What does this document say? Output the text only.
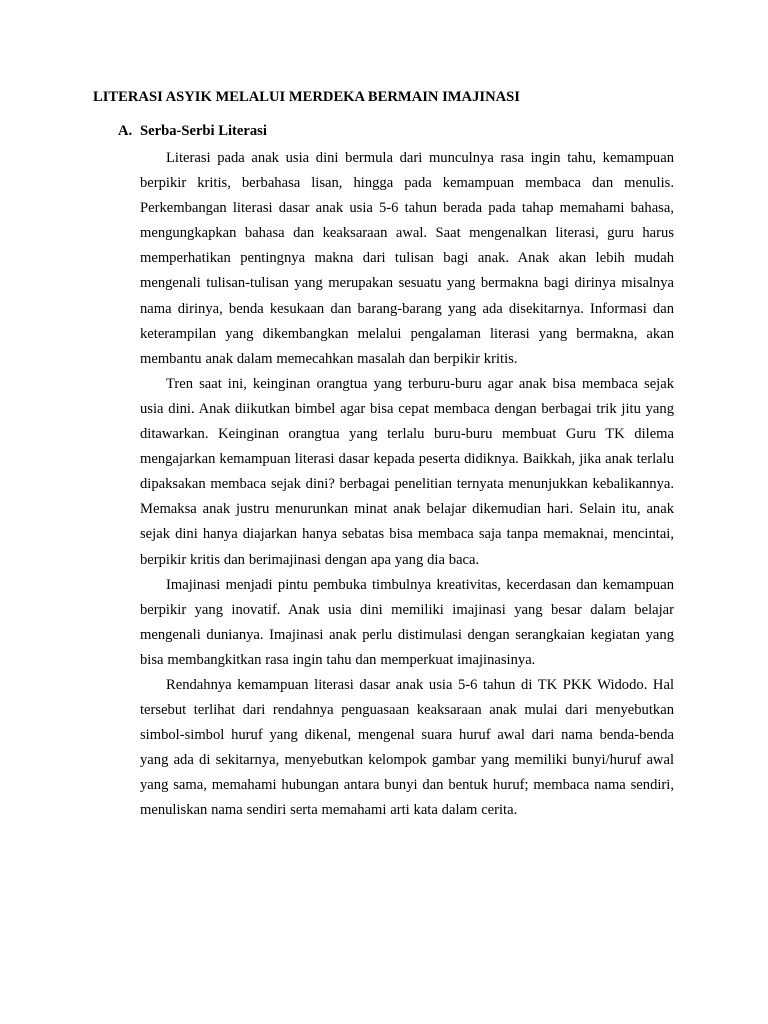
LITERASI ASYIK MELALUI MERDEKA BERMAIN IMAJINASI
A. Serba-Serbi Literasi

Literasi pada anak usia dini bermula dari munculnya rasa ingin tahu, kemampuan berpikir kritis, berbahasa lisan, hingga pada kemampuan membaca dan menulis. Perkembangan literasi dasar anak usia 5-6 tahun berada pada tahap memahami bahasa, mengungkapkan bahasa dan keaksaraan awal. Saat mengenalkan literasi, guru harus memperhatikan pentingnya makna dari tulisan bagi anak. Anak akan lebih mudah mengenali tulisan-tulisan yang merupakan sesuatu yang bermakna bagi dirinya misalnya nama dirinya, benda kesukaan dan barang-barang yang ada disekitarnya. Informasi dan keterampilan yang dikembangkan melalui pengalaman literasi yang bermakna, akan membantu anak dalam memecahkan masalah dan berpikir kritis.

Tren saat ini, keinginan orangtua yang terburu-buru agar anak bisa membaca sejak usia dini. Anak diikutkan bimbel agar bisa cepat membaca dengan berbagai trik jitu yang ditawarkan. Keinginan orangtua yang terlalu buru-buru membuat Guru TK dilema mengajarkan kemampuan literasi dasar kepada peserta didiknya. Baikkah, jika anak terlalu dipaksakan membaca sejak dini? berbagai penelitian ternyata menunjukkan kebalikannya. Memaksa anak justru menurunkan minat anak belajar dikemudian hari. Selain itu, anak sejak dini hanya diajarkan hanya sebatas bisa membaca saja tanpa memaknai, mencintai, berpikir kritis dan berimajinasi dengan apa yang dia baca.

Imajinasi menjadi pintu pembuka timbulnya kreativitas, kecerdasan dan kemampuan berpikir yang inovatif. Anak usia dini memiliki imajinasi yang besar dalam belajar mengenali dunianya. Imajinasi anak perlu distimulasi dengan serangkaian kegiatan yang bisa membangkitkan rasa ingin tahu dan memperkuat imajinasinya.

Rendahnya kemampuan literasi dasar anak usia 5-6 tahun di TK PKK Widodo. Hal tersebut terlihat dari rendahnya penguasaan keaksaraan anak mulai dari menyebutkan simbol-simbol huruf yang dikenal, mengenal suara huruf awal dari nama benda-benda yang ada di sekitarnya, menyebutkan kelompok gambar yang memiliki bunyi/huruf awal yang sama, memahami hubungan antara bunyi dan bentuk huruf; membaca nama sendiri, menuliskan nama sendiri serta memahami arti kata dalam cerita.
